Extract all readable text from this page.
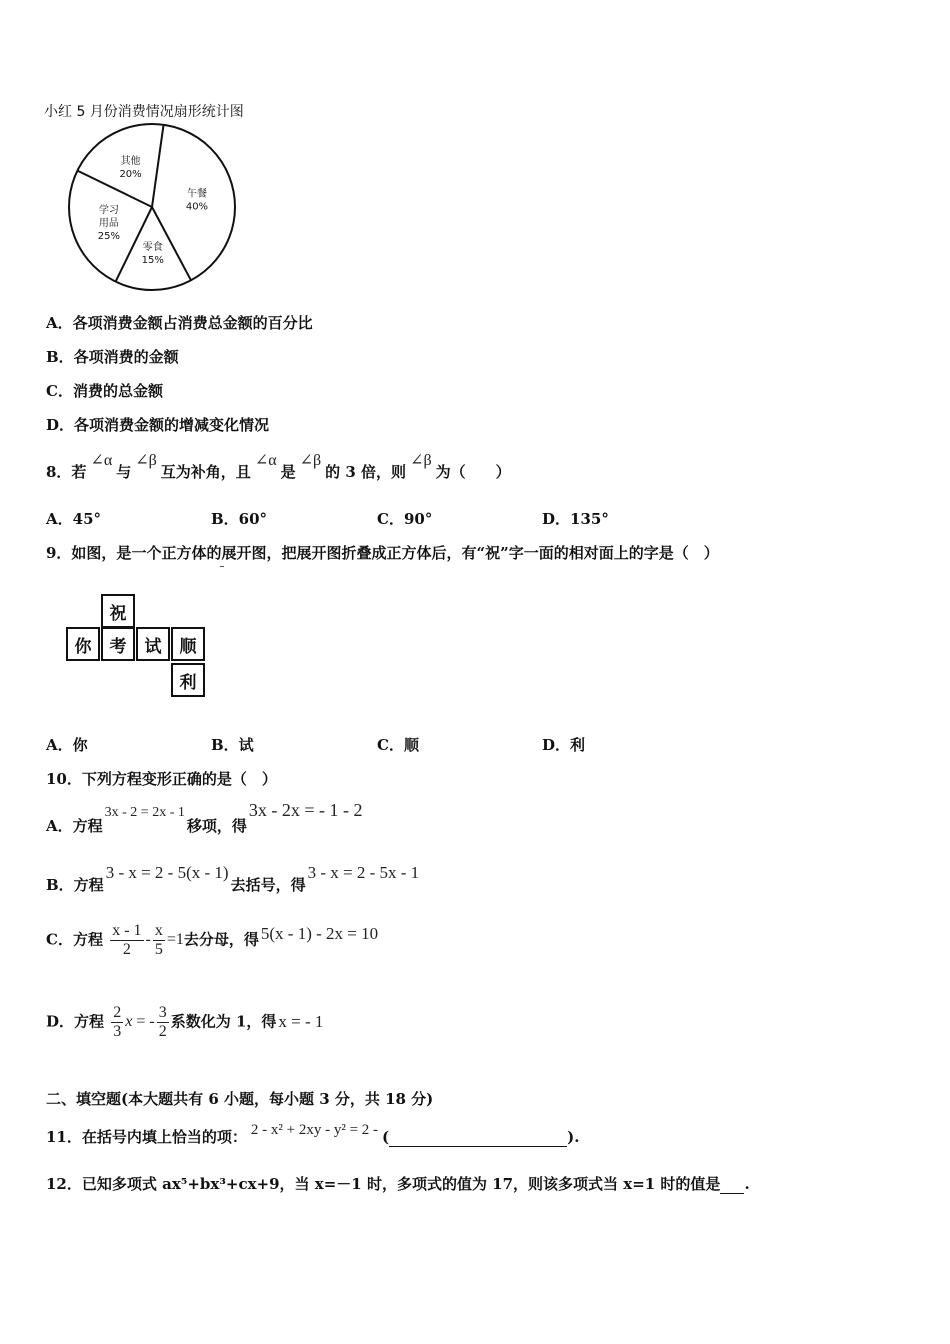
小红 5 月份消费情况扇形统计图
午餐
40%
零食
15%
学习
用品
25%
其他
20%
A．各项消费金额占消费总金额的百分比
B．各项消费的金额
C．消费的总金额
D．各项消费金额的增减变化情况
8．若∠α与∠β互为补角，且∠α是∠β的 3 倍，则∠β为（　　）
A．45°	B．60°	C．90°	D．135°
9．如图，是一个正方体的展开图，把展开图折叠成正方体后，有“祝”字一面的相对面上的字是（　）
祝
你	考	试	顺
利
A．你	B．试	C．顺	D．利
10．下列方程变形正确的是（　）
A．方程3x - 2 = 2x - 1移项，得3x - 2x = - 1 - 2
B．方程3 - x = 2 - 5(x - 1)去括号，得3 - x = 2 - 5x - 1
C．方程 $\frac{x - 1}{2} - \frac{x}{5} =1$去分母，得 5(x - 1) - 2x = 10
D．方程 $\frac{2}{3}$ x = - $\frac{3}{2}$ 系数化为 1，得 x = - 1
二、填空题(本大题共有 6 小题，每小题 3 分，共 18 分)
11．在括号内填上恰当的项： 2 - x² + 2xy - y² = 2 - (	).
12．已知多项式 ax⁵+bx³+cx+9，当 x=－1 时，多项式的值为 17，则该多项式当 x=1 时的值是 .
